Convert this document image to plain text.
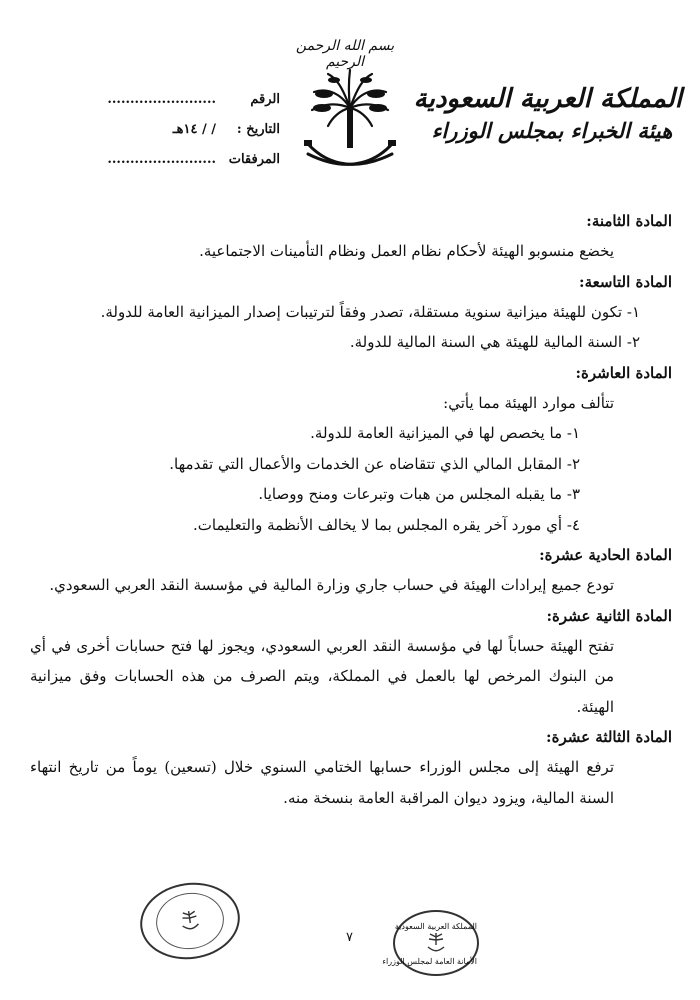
بسم الله الرحمن الرحيم
المملكة العربية السعودية
هيئة الخبراء بمجلس الوزراء
الرقم
........................
التاريخ :
/ / ١٤هـ
المرفقات
........................
المادة الثامنة:
يخضع منسوبو الهيئة لأحكام نظام العمل ونظام التأمينات الاجتماعية.
المادة التاسعة:
١- تكون للهيئة ميزانية سنوية مستقلة، تصدر وفقاً لترتيبات إصدار الميزانية العامة للدولة.
٢- السنة المالية للهيئة هي السنة المالية للدولة.
المادة العاشرة:
تتألف موارد الهيئة مما يأتي:
١- ما يخصص لها في الميزانية العامة للدولة.
٢- المقابل المالي الذي تتقاضاه عن الخدمات والأعمال التي تقدمها.
٣- ما يقبله المجلس من هبات وتبرعات ومنح ووصايا.
٤- أي مورد آخر يقره المجلس بما لا يخالف الأنظمة والتعليمات.
المادة الحادية عشرة:
تودع جميع إيرادات الهيئة في حساب جاري وزارة المالية في مؤسسة النقد العربي السعودي.
المادة الثانية عشرة:
تفتح الهيئة حساباً لها في مؤسسة النقد العربي السعودي، ويجوز لها فتح حسابات أخرى في أي من البنوك المرخص لها بالعمل في المملكة، ويتم الصرف من هذه الحسابات وفق ميزانية الهيئة.
المادة الثالثة عشرة:
ترفع الهيئة إلى مجلس الوزراء حسابها الختامي السنوي خلال (تسعين) يوماً من تاريخ انتهاء السنة المالية، ويزود ديوان المراقبة العامة بنسخة منه.
المملكة العربية السعودية
الأمانة العامة لمجلس الوزراء
٧
